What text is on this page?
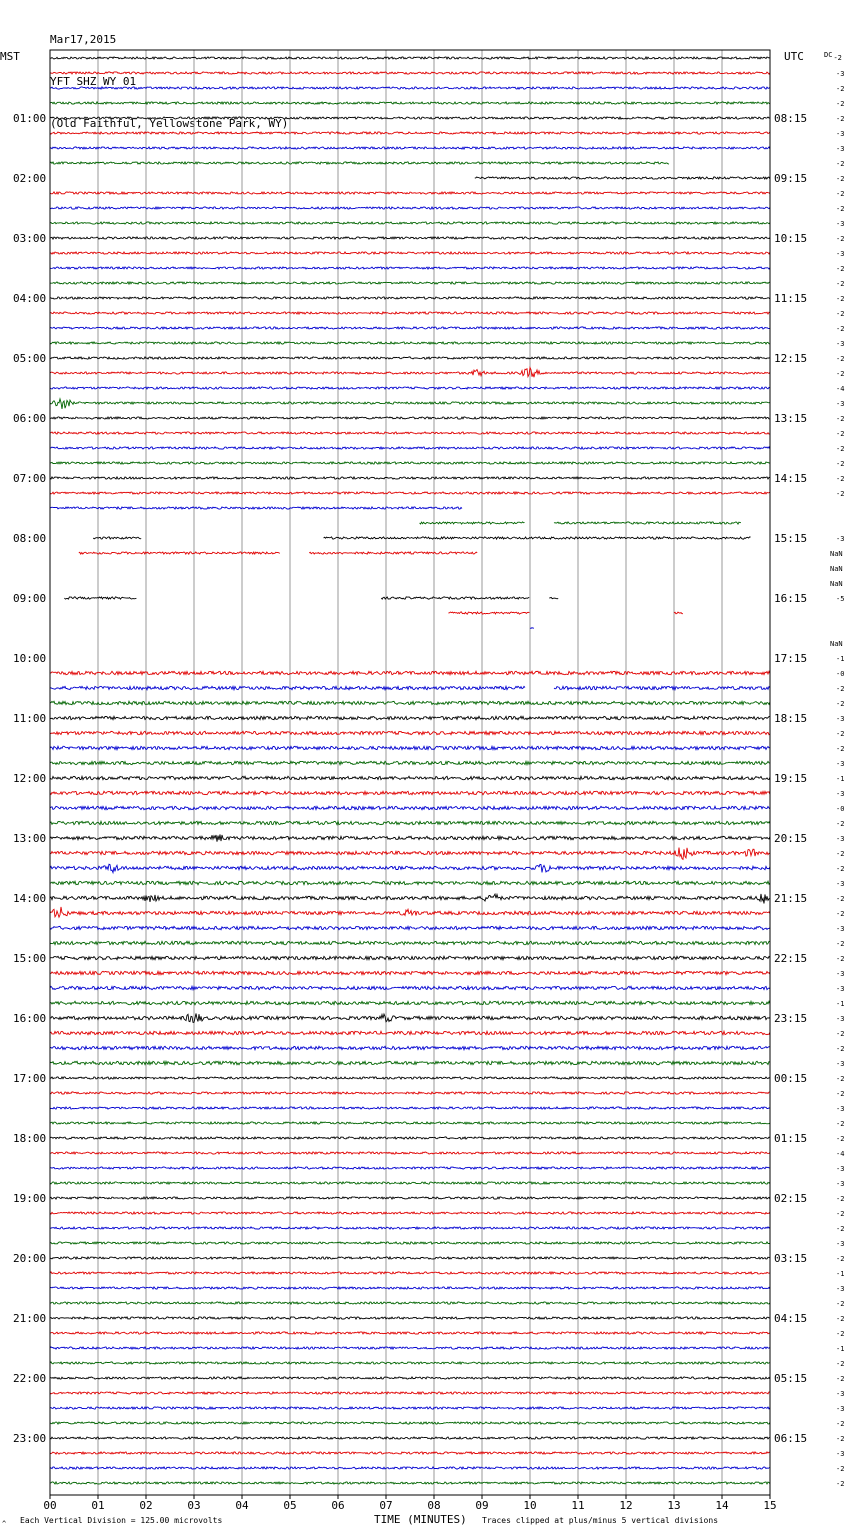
Mar17,2015

YFT SHZ WY 01

(Old Faithful, Yellowstone Park, WY)

01:00
02:00
03:00
04:00
05:00
06:00
07:00
08:00
09:00
10:00
11:00
12:00
13:00
14:00
15:00
16:00
17:00
18:00
19:00
20:00
21:00
22:00
23:00
08:15
09:15
10:15
11:15
12:15
13:15
14:15
15:15
16:15
17:15
18:15
19:15
20:15
21:15
22:15
23:15
00:15
01:15
02:15
03:15
04:15
05:15
06:15
-3
-2
-2
-2
-3
-3
-2
-2
-2
-2
-3
-2
-3
-2
-2
-2
-2
-2
-3
-2
-2
-4
-3
-2
-2
-2
-2
-2
-2
NaN
NaN
-5
NaN
-1
-0
-2
-2
-3
-2
-2
-3
-1
-3
-0
-2
-3
-2
-2
-3
-2
-2
-3
-2
-2
-3
-3
-1
-3
-2
-2
-3
-2
-2
-3
-2
-2
-4
-3
-3
-2
-2
-2
-3
-2
-1
-3
-2
-2
-2
-1
-2
-2
-3
-3
-2
-2
-3
-2
-2
-3
NaN
00	01	02	03	04	05	06	07	08	09	10	11	12	13	14	15
MST	UTC	DC-2
^ Each Vertical Division = 125.00 microvolts	TIME (MINUTES) Traces clipped at plus/minus 5 vertical divisions
